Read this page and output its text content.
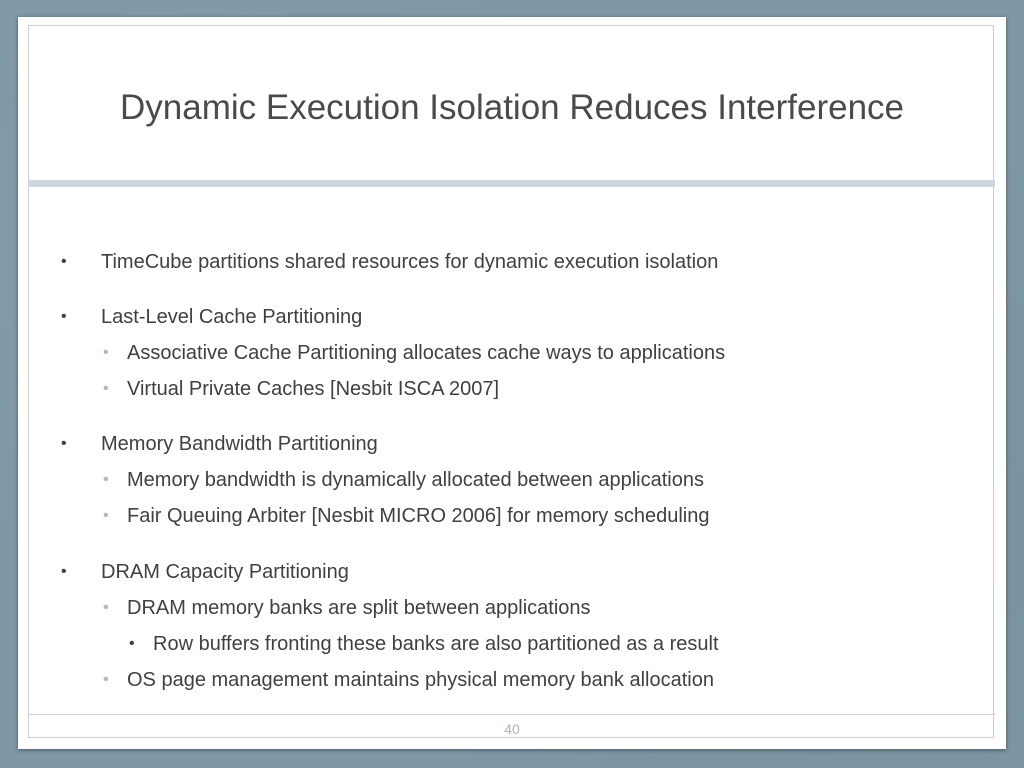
Dynamic Execution Isolation Reduces Interference
• TimeCube partitions shared resources for dynamic execution isolation
• Last-Level Cache Partitioning
• Associative Cache Partitioning allocates cache ways to applications
• Virtual Private Caches [Nesbit ISCA 2007]
• Memory Bandwidth Partitioning
• Memory bandwidth is dynamically allocated between applications
• Fair Queuing Arbiter [Nesbit MICRO 2006] for memory scheduling
• DRAM Capacity Partitioning
• DRAM memory banks are split between applications
• Row buffers fronting these banks are also partitioned as a result
• OS page management maintains physical memory bank allocation
40
